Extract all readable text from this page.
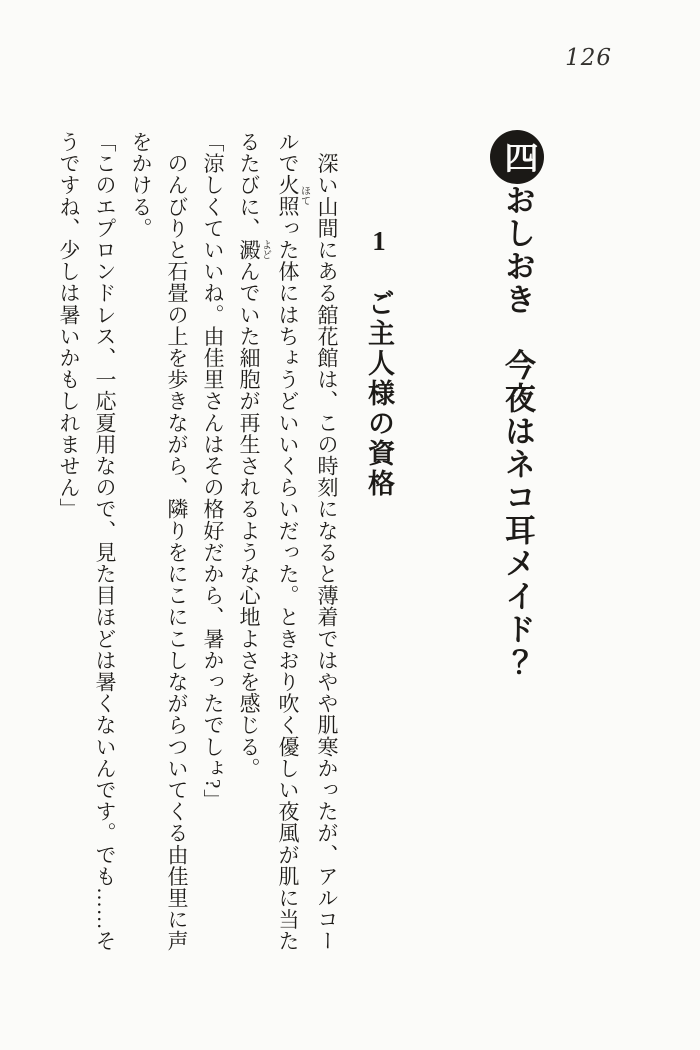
126
四おしおき　今夜はネコ耳メイド？
1　ご主人様の資格

　深い山間にある舘花館は、この時刻になると薄着ではやや肌寒かったが、アルコー

ルで火照ほてった体にはちょうどいいくらいだった。ときおり吹く優しい夜風が肌に当た

るたびに、澱よどんでいた細胞が再生されるような心地よさを感じる。

「涼しくていいね。由佳里さんはその格好だから、暑かったでしょ?」

　のんびりと石畳の上を歩きながら、隣りをにこにこしながらついてくる由佳里に声

をかける。

「このエプロンドレス、一応夏用なので、見た目ほどは暑くないんです。でも……そ

うですね、少しは暑いかもしれません」
